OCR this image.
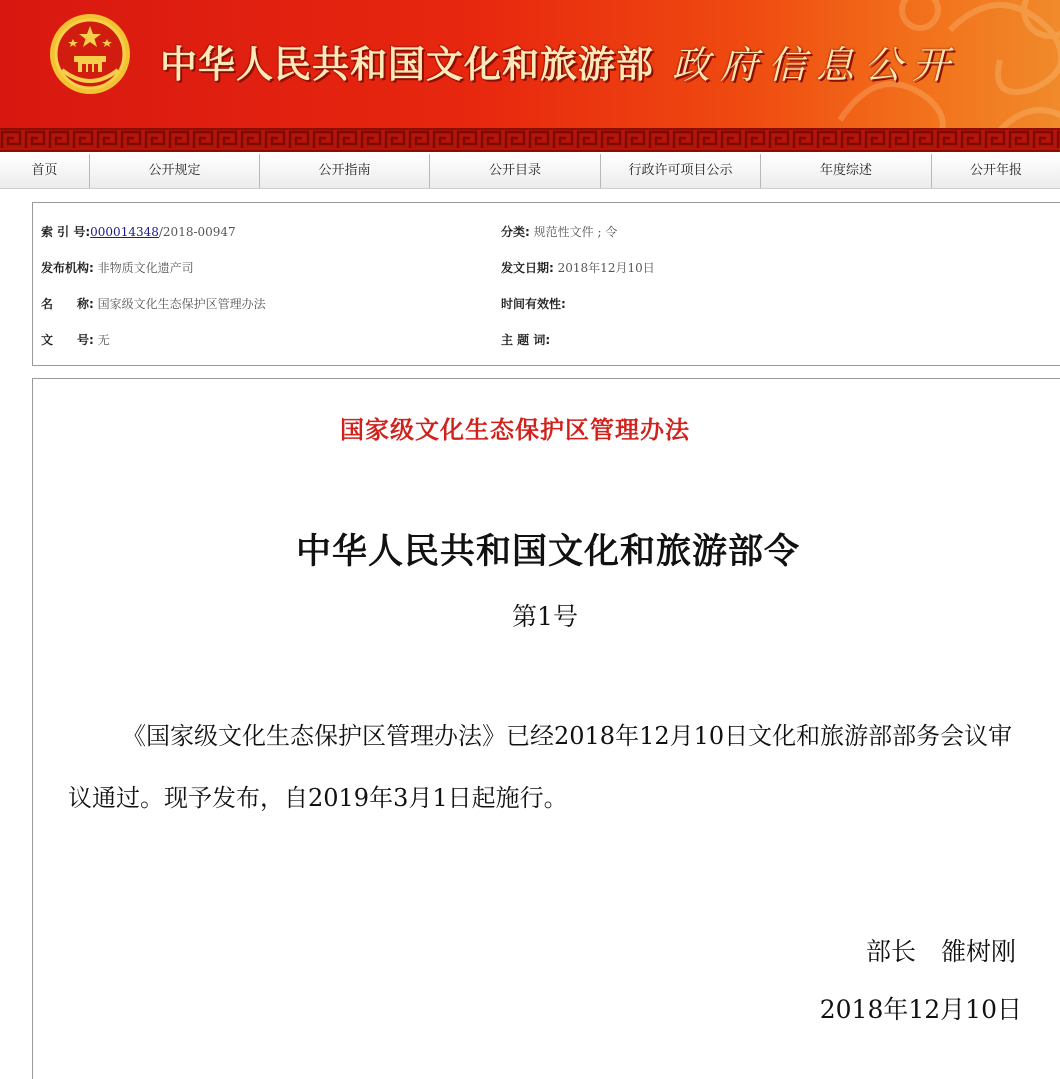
中华人民共和国文化和旅游部 政府信息公开
首页	公开规定	公开指南	公开目录	行政许可项目公示	年度综述	公开年报
索 引 号:000014348/2018-00947	分类: 规范性文件 ; 令
发布机构: 非物质文化遗产司	发文日期: 2018年12月10日
名　　称: 国家级文化生态保护区管理办法	时间有效性:
文　　号: 无	主 题 词:
国家级文化生态保护区管理办法
中华人民共和国文化和旅游部令
第1号
《国家级文化生态保护区管理办法》已经2018年12月10日文化和旅游部部务会议审议通过。现予发布，自2019年3月1日起施行。
部长　雒树刚
2018年12月10日
